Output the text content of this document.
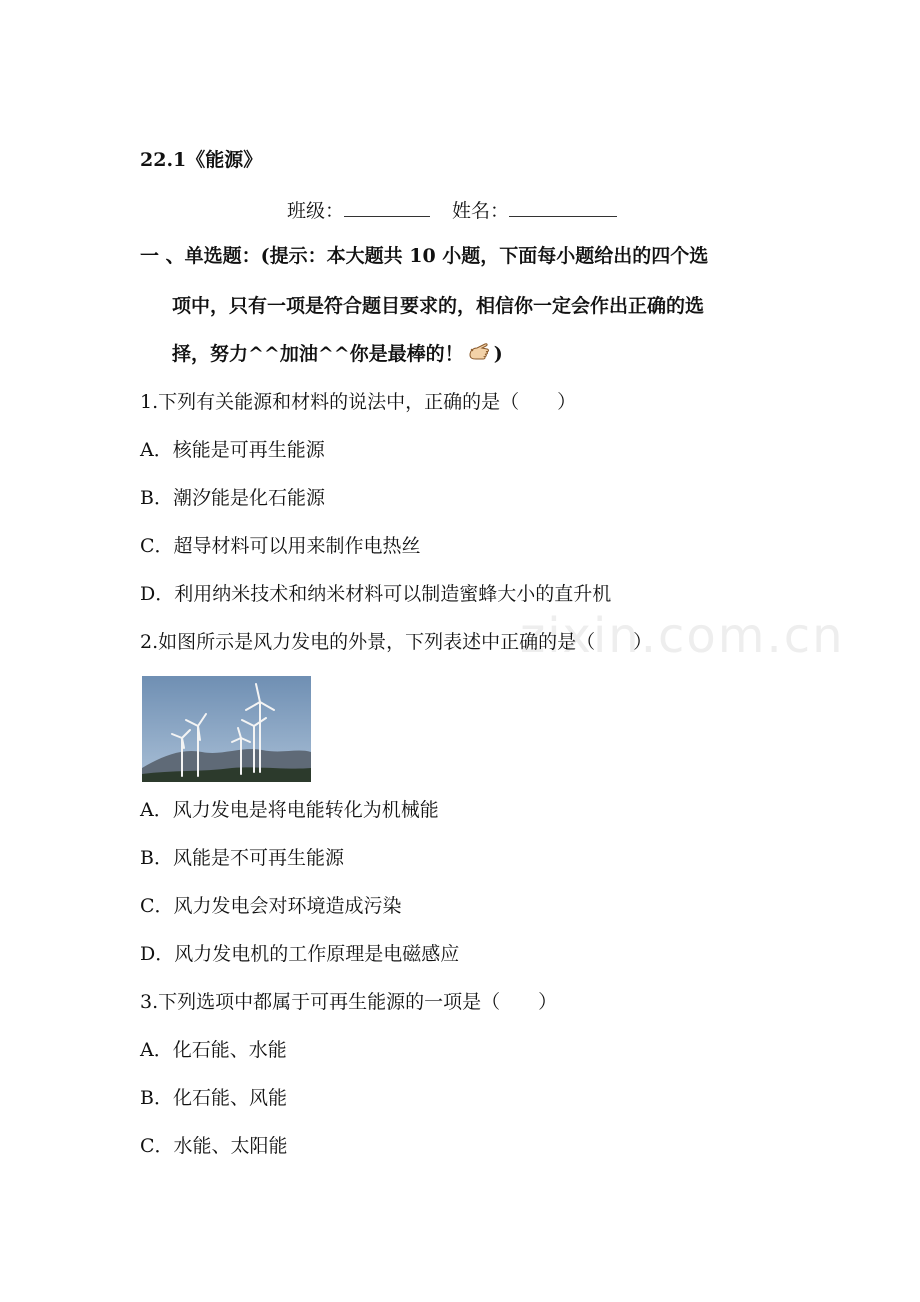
zixin.com.cn
22.1《能源》
班级：	姓名：
一 、单选题：(提示：本大题共 10 小题，下面每小题给出的四个选
项中，只有一项是符合题目要求的，相信你一定会作出正确的选
择，努力^^加油^^你是最棒的！ )
1.下列有关能源和材料的说法中，正确的是（　　）
A．核能是可再生能源
B．潮汐能是化石能源
C．超导材料可以用来制作电热丝
D．利用纳米技术和纳米材料可以制造蜜蜂大小的直升机
2.如图所示是风力发电的外景，下列表述中正确的是（　　）
A．风力发电是将电能转化为机械能
B．风能是不可再生能源
C．风力发电会对环境造成污染
D．风力发电机的工作原理是电磁感应
3.下列选项中都属于可再生能源的一项是（　　）
A．化石能、水能
B．化石能、风能
C．水能、太阳能
